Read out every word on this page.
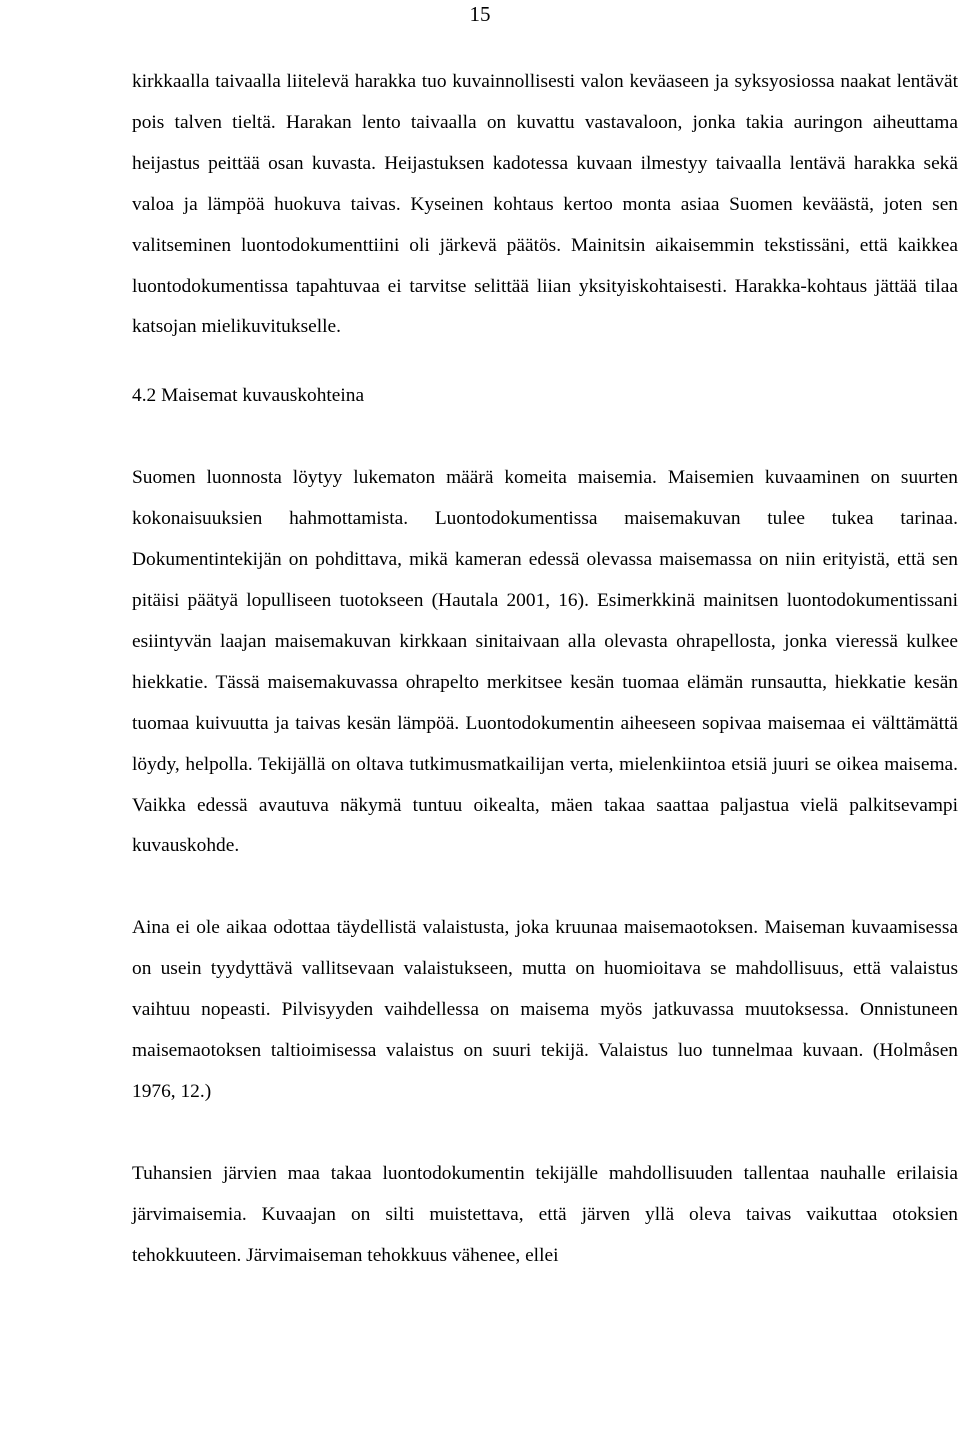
15

kirkkaalla taivaalla liitelevä harakka tuo kuvainnollisesti valon keväaseen ja syksyosiossa naakat lentävät pois talven tieltä. Harakan lento taivaalla on kuvattu vastavaloon, jonka takia auringon aiheuttama heijastus peittää osan kuvasta. Heijastuksen kadotessa kuvaan ilmestyy taivaalla lentävä harakka sekä valoa ja lämpöä huokuva taivas. Kyseinen kohtaus kertoo monta asiaa Suomen keväästä, joten sen valitseminen luontodokumenttiini oli järkevä päätös. Mainitsin aikaisemmin tekstissäni, että kaikkea luontodokumentissa tapahtuvaa ei tarvitse selittää liian yksityiskohtaisesti. Harakka-kohtaus jättää tilaa katsojan mielikuvitukselle.

4.2 Maisemat kuvauskohteina

Suomen luonnosta löytyy lukematon määrä komeita maisemia. Maisemien kuvaaminen on suurten kokonaisuuksien hahmottamista. Luontodokumentissa maisemakuvan tulee tukea tarinaa. Dokumentintekijän on pohdittava, mikä kameran edessä olevassa maisemassa on niin erityistä, että sen pitäisi päätyä lopulliseen tuotokseen (Hautala 2001, 16). Esimerkkinä mainitsen luontodokumentissani esiintyvän laajan maisemakuvan kirkkaan sinitaivaan alla olevasta ohrapellosta, jonka vieressä kulkee hiekkatie. Tässä maisemakuvassa ohrapelto merkitsee kesän tuomaa elämän runsautta, hiekkatie kesän tuomaa kuivuutta ja taivas kesän lämpöä. Luontodokumentin aiheeseen sopivaa maisemaa ei välttämättä löydy, helpolla. Tekijällä on oltava tutkimusmatkailijan verta, mielenkiintoa etsiä juuri se oikea maisema. Vaikka edessä avautuva näkymä tuntuu oikealta, mäen takaa saattaa paljastua vielä palkitsevampi kuvauskohde.

Aina ei ole aikaa odottaa täydellistä valaistusta, joka kruunaa maisemaotoksen. Maiseman kuvaamisessa on usein tyydyttävä vallitsevaan valaistukseen, mutta on huomioitava se mahdollisuus, että valaistus vaihtuu nopeasti. Pilvisyyden vaihdellessa on maisema myös jatkuvassa muutoksessa. Onnistuneen maisemaotoksen taltioimisessa valaistus on suuri tekijä. Valaistus luo tunnelmaa kuvaan. (Holmåsen 1976, 12.)

Tuhansien järvien maa takaa luontodokumentin tekijälle mahdollisuuden tallentaa nauhalle erilaisia järvimaisemia. Kuvaajan on silti muistettava, että järven yllä oleva taivas vaikuttaa otoksien tehokkuuteen. Järvimaiseman tehokkuus vähenee, ellei
